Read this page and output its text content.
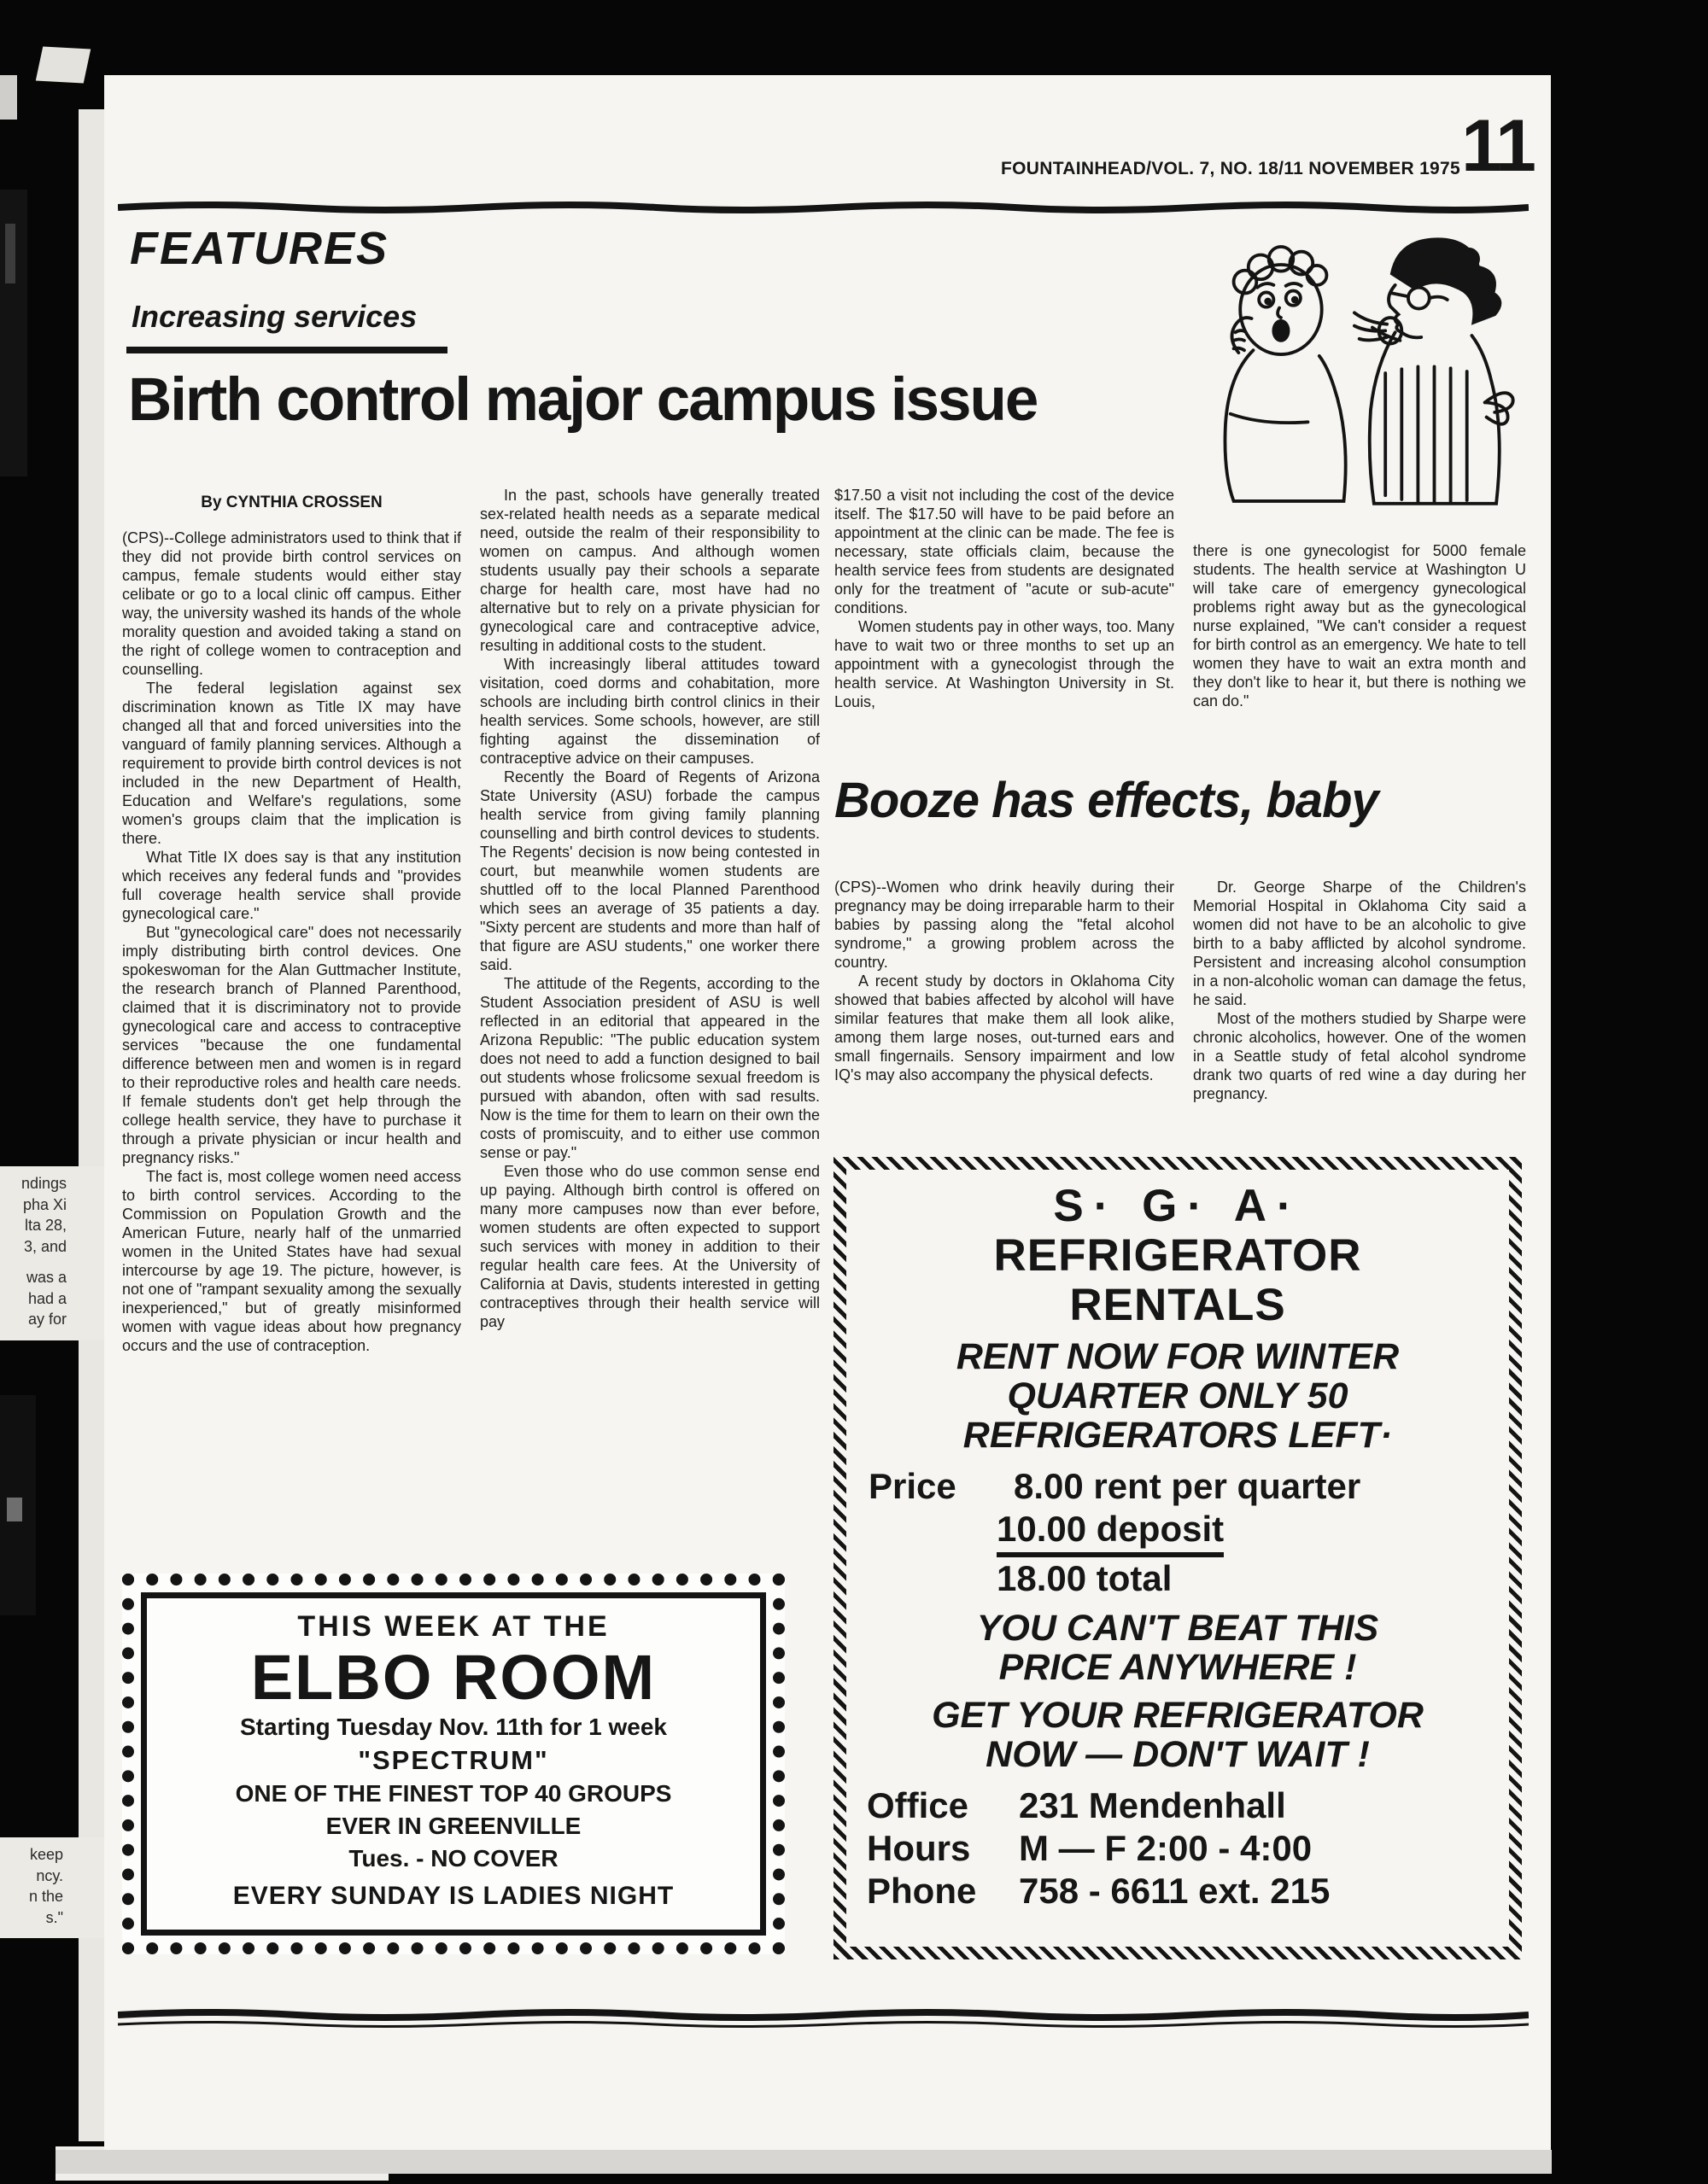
ndings
pha Xi
lta 28,
3, and
was a
had a
ay for
keep
ncy.
n the
s."
FOUNTAINHEAD/VOL. 7, NO. 18/11 NOVEMBER 1975 11
FEATURES
Increasing services
Birth control major campus issue
By CYNTHIA CROSSEN

(CPS)--College administrators used to think that if they did not provide birth control services on campus, female students would either stay celibate or go to a local clinic off campus. Either way, the university washed its hands of the whole morality question and avoided taking a stand on the right of college women to contraception and counselling.

The federal legislation against sex discrimination known as Title IX may have changed all that and forced universities into the vanguard of family planning services. Although a requirement to provide birth control devices is not included in the new Department of Health, Education and Welfare's regulations, some women's groups claim that the implication is there.

What Title IX does say is that any institution which receives any federal funds and "provides full coverage health service shall provide gynecological care."

But "gynecological care" does not necessarily imply distributing birth control devices. One spokeswoman for the Alan Guttmacher Institute, the research branch of Planned Parenthood, claimed that it is discriminatory not to provide gynecological care and access to contraceptive services "because the one fundamental difference between men and women is in regard to their reproductive roles and health care needs. If female students don't get help through the college health service, they have to purchase it through a private physician or incur health and pregnancy risks."

The fact is, most college women need access to birth control services. According to the Commission on Population Growth and the American Future, nearly half of the unmarried women in the United States have had sexual intercourse by age 19. The picture, however, is not one of "rampant sexuality among the sexually inexperienced," but of greatly misinformed women with vague ideas about how pregnancy occurs and the use of contraception.

In the past, schools have generally treated sex-related health needs as a separate medical need, outside the realm of their responsibility to women on campus. And although women students usually pay their schools a separate charge for health care, most have had no alternative but to rely on a private physician for gynecological care and contraceptive advice, resulting in additional costs to the student.

With increasingly liberal attitudes toward visitation, coed dorms and cohabitation, more schools are including birth control clinics in their health services. Some schools, however, are still fighting against the dissemination of contraceptive advice on their campuses.

Recently the Board of Regents of Arizona State University (ASU) forbade the campus health service from giving family planning counselling and birth control devices to students. The Regents' decision is now being contested in court, but meanwhile women students are shuttled off to the local Planned Parenthood which sees an average of 35 patients a day. "Sixty percent are students and more than half of that figure are ASU students," one worker there said.

The attitude of the Regents, according to the Student Association president of ASU is well reflected in an editorial that appeared in the Arizona Republic: "The public education system does not need to add a function designed to bail out students whose frolicsome sexual freedom is pursued with abandon, often with sad results. Now is the time for them to learn on their own the costs of promiscuity, and to either use common sense or pay."

Even those who do use common sense end up paying. Although birth control is offered on many more campuses now than ever before, women students are often expected to support such services with money in addition to their regular health care fees. At the University of California at Davis, students interested in getting contraceptives through their health service will pay

$17.50 a visit not including the cost of the device itself. The $17.50 will have to be paid before an appointment at the clinic can be made. The fee is necessary, state officials claim, because the health service fees from students are designated only for the treatment of "acute or sub-acute" conditions.

Women students pay in other ways, too. Many have to wait two or three months to set up an appointment with a gynecologist through the health service. At Washington University in St. Louis,

there is one gynecologist for 5000 female students. The health service at Washington U will take care of emergency gynecological problems right away but as the gynecological nurse explained, "We can't consider a request for birth control as an emergency. We hate to tell women they have to wait an extra month and they don't like to hear it, but there is nothing we can do."

Booze has effects, baby

(CPS)--Women who drink heavily during their pregnancy may be doing irreparable harm to their babies by passing along the "fetal alcohol syndrome," a growing problem across the country.

A recent study by doctors in Oklahoma City showed that babies affected by alcohol will have similar features that make them all look alike, among them large noses, out-turned ears and small fingernails. Sensory impairment and low IQ's may also accompany the physical defects.

Dr. George Sharpe of the Children's Memorial Hospital in Oklahoma City said a women did not have to be an alcoholic to give birth to a baby afflicted by alcohol syndrome. Persistent and increasing alcohol consumption in a non-alcoholic woman can damage the fetus, he said.

Most of the mothers studied by Sharpe were chronic alcoholics, however. One of the women in a Seattle study of fetal alcohol syndrome drank two quarts of red wine a day during her pregnancy.

S· G· A·
REFRIGERATOR
RENTALS
RENT NOW FOR WINTER
QUARTER ONLY 50
REFRIGERATORS LEFT·
Price 8.00 rent per quarter
10.00 deposit
18.00 total
YOU CAN'T BEAT THIS
PRICE ANYWHERE !
GET YOUR REFRIGERATOR
NOW — DON'T WAIT !
Office 231 Mendenhall
Hours M — F 2:00 - 4:00
Phone 758 - 6611 ext. 215
THIS WEEK AT THE
ELBO ROOM
Starting Tuesday Nov. 11th for 1 week
"SPECTRUM"
ONE OF THE FINEST TOP 40 GROUPS
EVER IN GREENVILLE
Tues. - NO COVER
EVERY SUNDAY IS LADIES NIGHT
